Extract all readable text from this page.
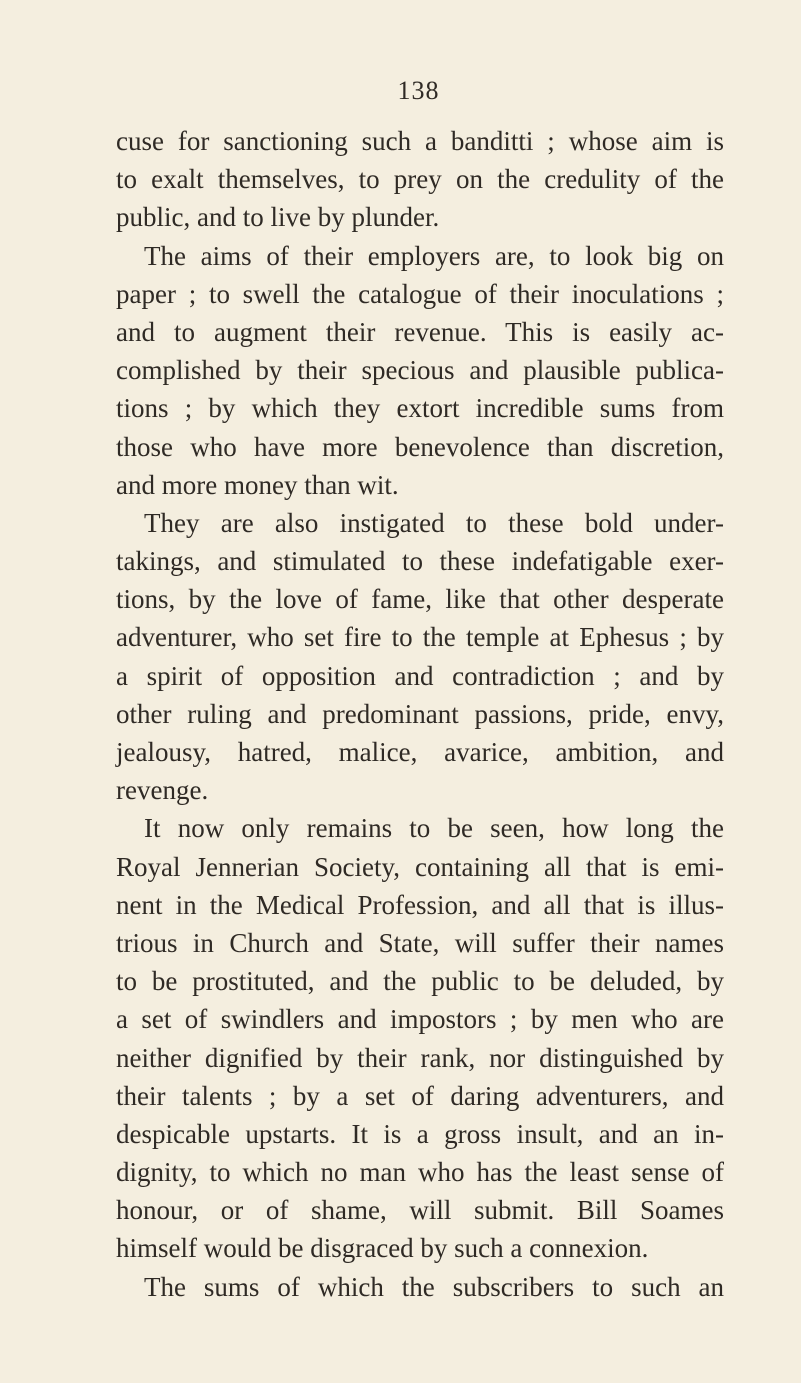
138
cuse for sanctioning such a banditti ; whose aim is
to exalt themselves, to prey on the credulity of the
public, and to live by plunder.
The aims of their employers are, to look big on
paper ; to swell the catalogue of their inoculations ;
and to augment their revenue. This is easily ac-
complished by their specious and plausible publica-
tions ; by which they extort incredible sums from
those who have more benevolence than discretion,
and more money than wit.
They are also instigated to these bold under-
takings, and stimulated to these indefatigable exer-
tions, by the love of fame, like that other desperate
adventurer, who set fire to the temple at Ephesus ; by
a spirit of opposition and contradiction ; and by
other ruling and predominant passions, pride, envy,
jealousy, hatred, malice, avarice, ambition, and
revenge.
It now only remains to be seen, how long the
Royal Jennerian Society, containing all that is emi-
nent in the Medical Profession, and all that is illus-
trious in Church and State, will suffer their names
to be prostituted, and the public to be deluded, by
a set of swindlers and impostors ; by men who are
neither dignified by their rank, nor distinguished by
their talents ; by a set of daring adventurers, and
despicable upstarts. It is a gross insult, and an in-
dignity, to which no man who has the least sense of
honour, or of shame, will submit. Bill Soames
himself would be disgraced by such a connexion.
The sums of which the subscribers to such an
